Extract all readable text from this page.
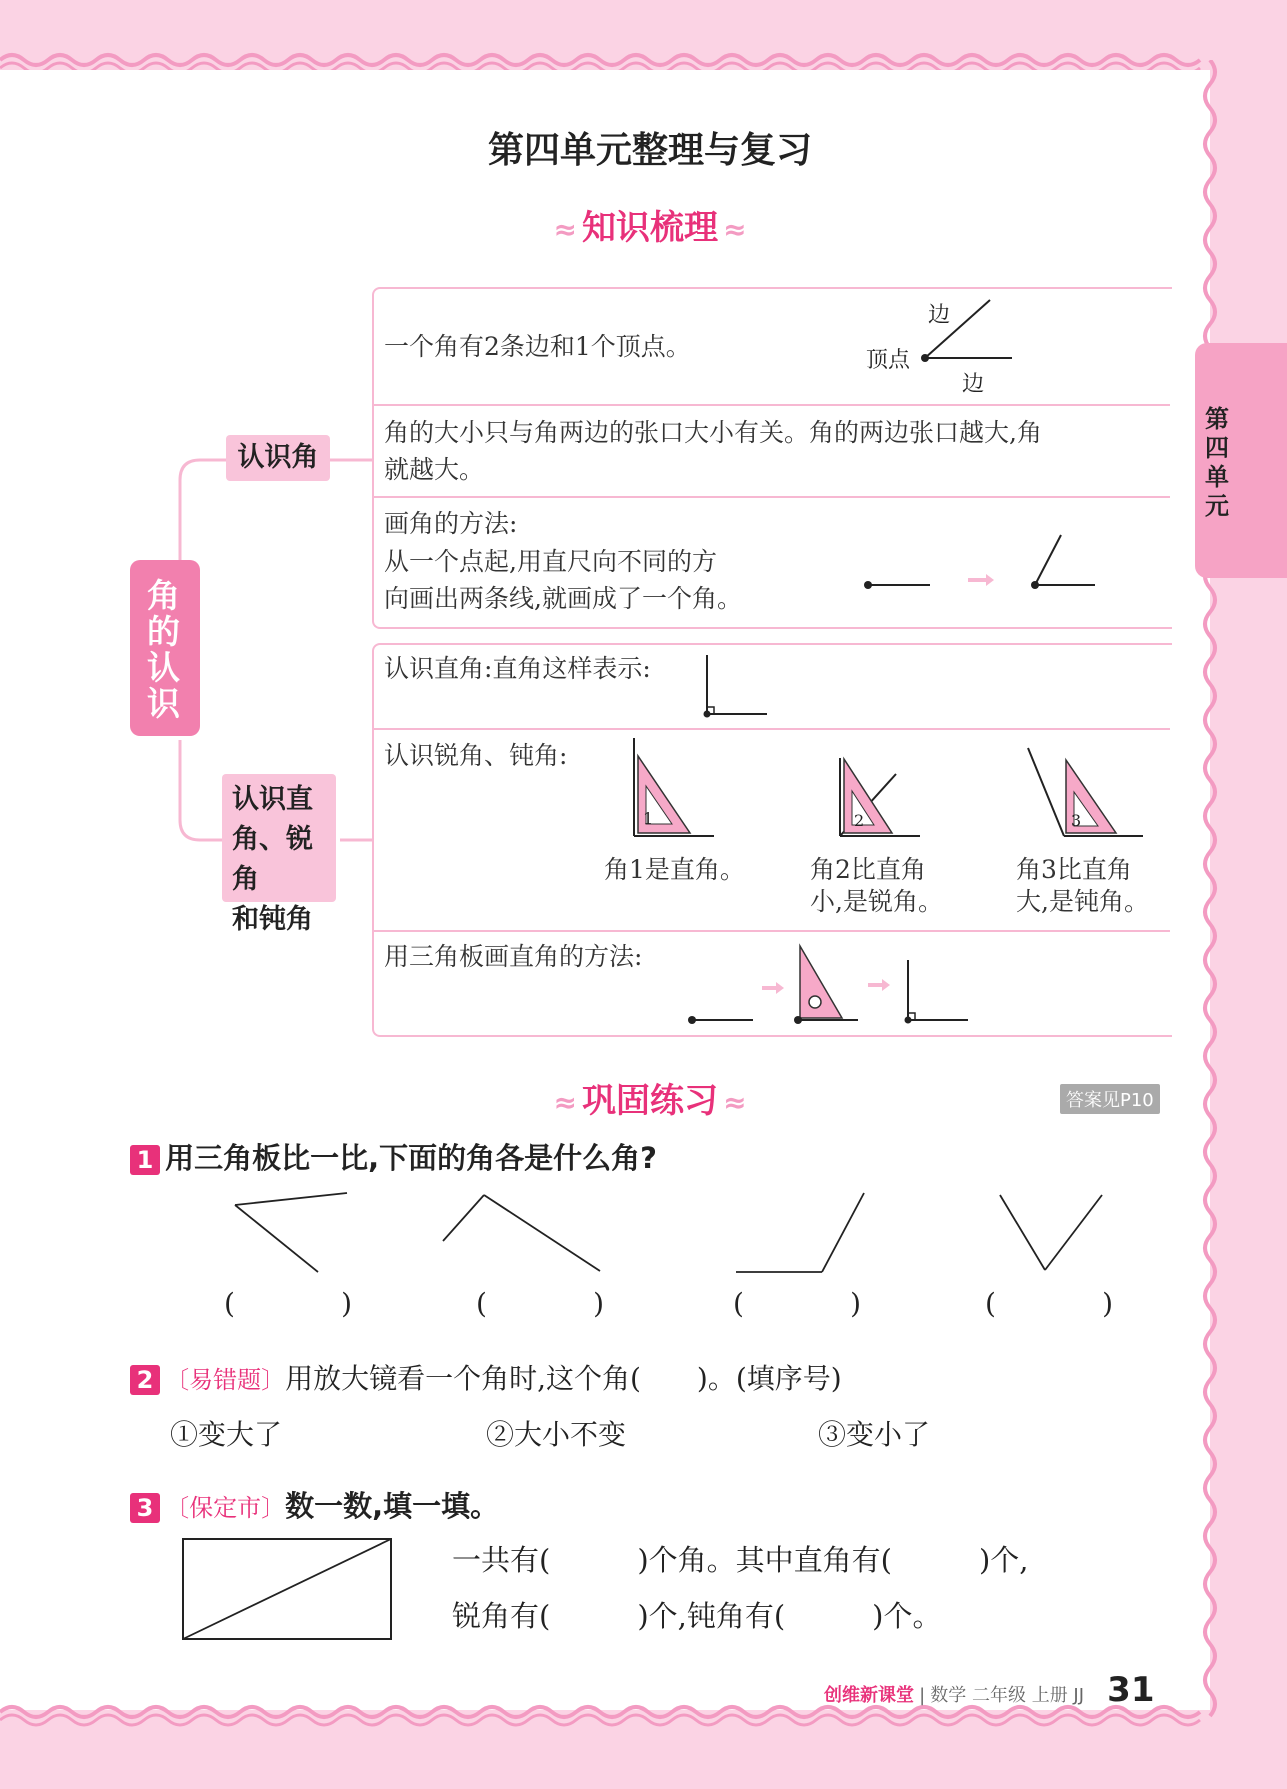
第四单元
第四单元整理与复习
≈ 知识梳理 ≈
角的认识
认识角
认识直
角、锐角
和钝角
一个角有2条边和1个顶点。
边
顶点
边
角的大小只与角两边的张口大小有关。角的两边张口越大,角
就越大。
画角的方法:
从一个点起,用直尺向不同的方
向画出两条线,就画成了一个角。
认识直角:直角这样表示:
认识锐角、钝角:
1	2	3
角1是直角。	角2比直角
小,是锐角。
角3比直角
大,是钝角。
用三角板画直角的方法:
≈ 巩固练习 ≈	答案见P10
1 用三角板比一比,下面的角各是什么角?
(	)	(	)	(	)	(	)
2 〔易错题〕用放大镜看一个角时,这个角(　　)。(填序号)
①变大了	②大小不变	③变小了
3 〔保定市〕数一数,填一填。
一共有(　　　)个角。其中直角有(　　　)个,
锐角有(　　　)个,钝角有(　　　)个。
创维新课堂 | 数学 二年级 上册 JJ 31
